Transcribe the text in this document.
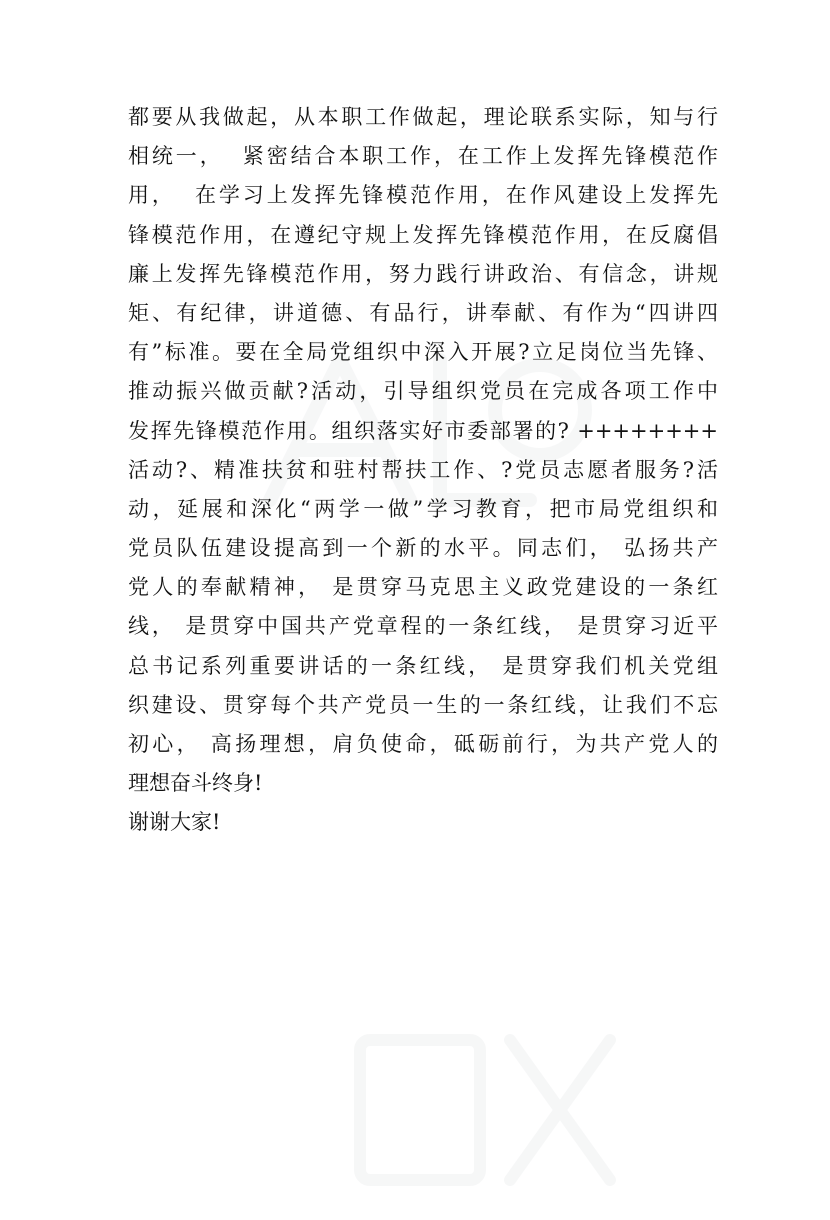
都要从我做起，从本职工作做起，理论联系实际，知与行
相统一，  紧密结合本职工作，在工作上发挥先锋模范作
用，  在学习上发挥先锋模范作用，在作风建设上发挥先
锋模范作用，在遵纪守规上发挥先锋模范作用，在反腐倡
廉上发挥先锋模范作用，努力践行讲政治、有信念，讲规
矩、有纪律，讲道德、有品行，讲奉献、有作为“四讲四
有”标准。要在全局党组织中深入开展?立足岗位当先锋、
推动振兴做贡献?活动，引导组织党员在完成各项工作中
发挥先锋模范作用。组织落实好市委部署的? ++++++++
活动?、精准扶贫和驻村帮扶工作、?党员志愿者服务?活
动，延展和深化“两学一做”学习教育，把市局党组织和
党员队伍建设提高到一个新的水平。同志们， 弘扬共产
党人的奉献精神， 是贯穿马克思主义政党建设的一条红
线， 是贯穿中国共产党章程的一条红线， 是贯穿习近平
总书记系列重要讲话的一条红线， 是贯穿我们机关党组
织建设、贯穿每个共产党员一生的一条红线，让我们不忘
初心， 高扬理想，肩负使命，砥砺前行，为共产党人的
理想奋斗终身!
谢谢大家!
